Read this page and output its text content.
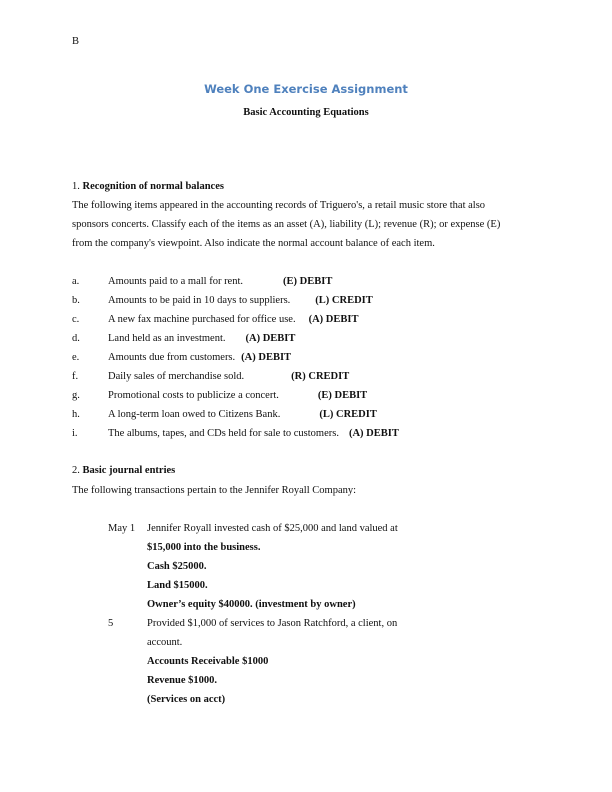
B
Week One Exercise Assignment
Basic Accounting Equations
1. Recognition of normal balances
The following items appeared in the accounting records of Triguero's, a retail music store that also
sponsors concerts. Classify each of the items as an asset (A), liability (L); revenue (R); or expense (E)
from the company's viewpoint. Also indicate the normal account balance of each item.
a.	Amounts paid to a mall for rent.	(E) DEBIT
b.	Amounts to be paid in 10 days to suppliers. (L) CREDIT
c.	A new fax machine purchased for office use. (A) DEBIT
d.	Land held as an investment. (A) DEBIT
e.	Amounts due from customers. (A) DEBIT
f.	Daily sales of merchandise sold.	(R) CREDIT
g.	Promotional costs to publicize a concert.	(E) DEBIT
h.	A long-term loan owed to Citizens Bank.	(L) CREDIT
i.	The albums, tapes, and CDs held for sale to customers. (A) DEBIT
2. Basic journal entries
The following transactions pertain to the Jennifer Royall Company:
May 1 Jennifer Royall invested cash of $25,000 and land valued at
$15,000 into the business.
Cash $25000.
Land $15000.
Owner’s equity $40000. (investment by owner)
5	Provided $1,000 of services to Jason Ratchford, a client, on
account.
Accounts Receivable $1000
Revenue $1000.
(Services on acct)
